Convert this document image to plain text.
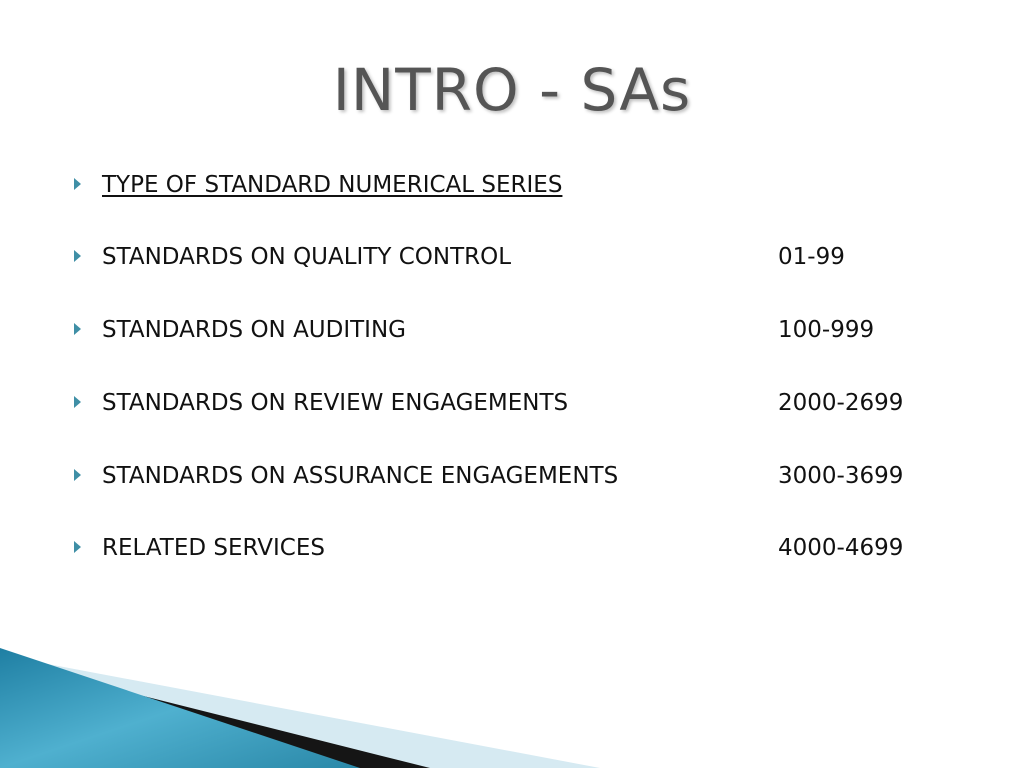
INTRO - SAs
TYPE OF STANDARD NUMERICAL SERIES
STANDARDS ON QUALITY CONTROL	01-99
STANDARDS ON AUDITING	100-999
STANDARDS ON REVIEW ENGAGEMENTS	2000-2699
STANDARDS ON ASSURANCE ENGAGEMENTS	3000-3699
RELATED SERVICES	4000-4699
